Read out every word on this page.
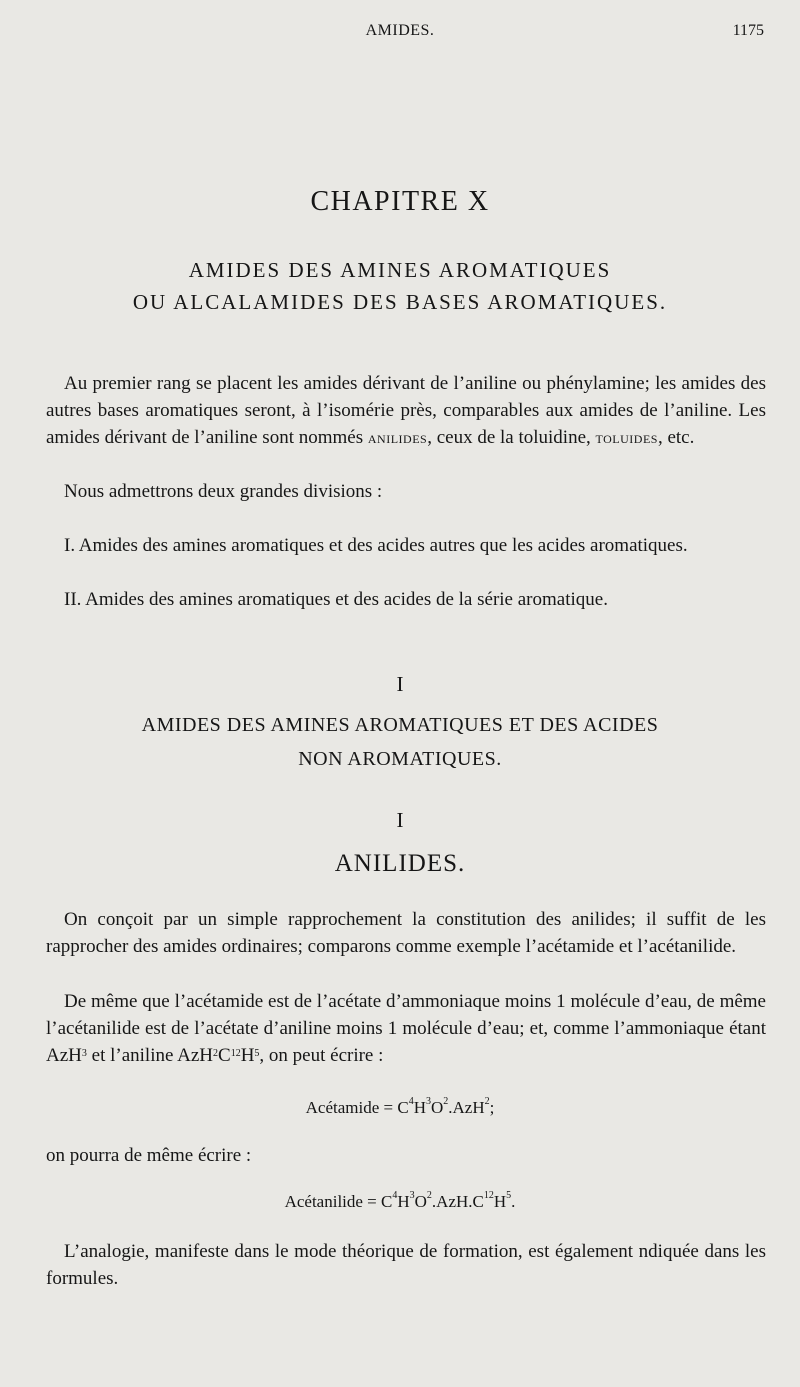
AMIDES.	1175
CHAPITRE X
AMIDES DES AMINES AROMATIQUES
OU ALCALAMIDES DES BASES AROMATIQUES.
Au premier rang se placent les amides dérivant de l’aniline ou phénylamine; les amides des autres bases aromatiques seront, à l’isomérie près, comparables aux amides de l’aniline. Les amides dérivant de l’aniline sont nommés anilides, ceux de la toluidine, toluides, etc.
Nous admettrons deux grandes divisions :
I. Amides des amines aromatiques et des acides autres que les acides aromatiques.
II. Amides des amines aromatiques et des acides de la série aromatique.
I
AMIDES DES AMINES AROMATIQUES ET DES ACIDES
NON AROMATIQUES.
I
ANILIDES.
On conçoit par un simple rapprochement la constitution des anilides; il suffit de les rapprocher des amides ordinaires; comparons comme exemple l’acétamide et l’acétanilide.
De même que l’acétamide est de l’acétate d’ammoniaque moins 1 molécule d’eau, de même l’acétanilide est de l’acétate d’aniline moins 1 molécule d’eau; et, comme l’ammoniaque étant AzH$^3$ et l’aniline $AzH^2C^{12}H^5$, on peut écrire :
Acétamide = $C^4H^3O^2.AzH^2$;
on pourra de même écrire :
Acétanilide = $C^4H^3O^2.AzH.C^{12}H^5$.
L’analogie, manifeste dans le mode théorique de formation, est également ndiquée dans les formules.
